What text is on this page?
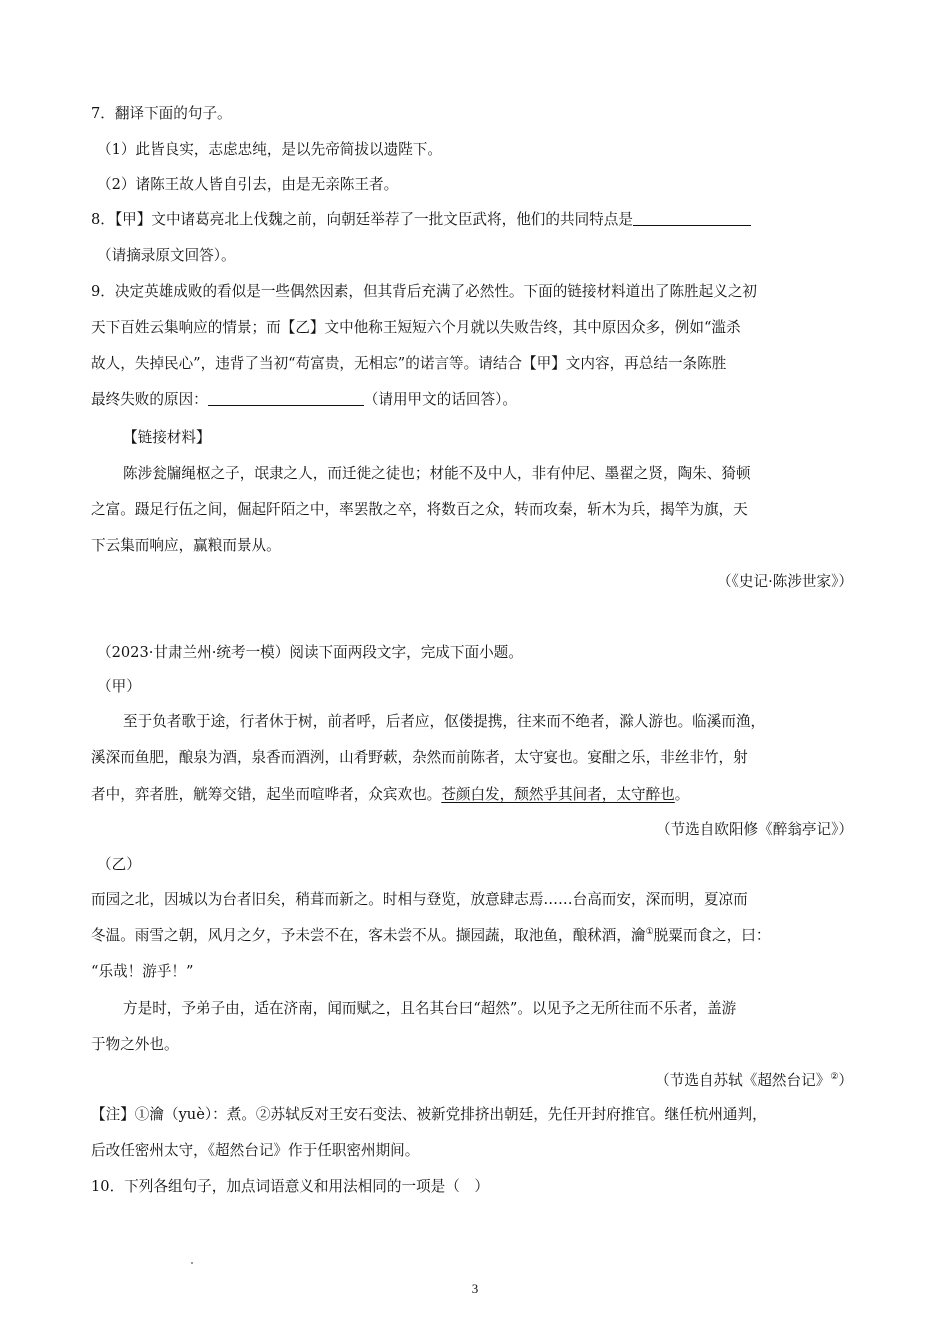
7．翻译下面的句子。
（1）此皆良实，志虑忠纯，是以先帝简拔以遗陛下。
（2）诸陈王故人皆自引去，由是无亲陈王者。
8．【甲】文中诸葛亮北上伐魏之前，向朝廷举荐了一批文臣武将，他们的共同特点是
（请摘录原文回答）。
9．决定英雄成败的看似是一些偶然因素，但其背后充满了必然性。下面的链接材料道出了陈胜起义之初
天下百姓云集响应的情景；而【乙】文中他称王短短六个月就以失败告终，其中原因众多，例如“滥杀
故人，失掉民心”，违背了当初“苟富贵，无相忘”的诺言等。请结合【甲】文内容，再总结一条陈胜
最终失败的原因：	（请用甲文的话回答）。
【链接材料】
陈涉瓮牖绳枢之子，氓隶之人，而迁徙之徒也；材能不及中人，非有仲尼、墨翟之贤，陶朱、猗顿
之富。蹑足行伍之间，倔起阡陌之中，率罢散之卒，将数百之众，转而攻秦，斩木为兵，揭竿为旗，天
下云集而响应，赢粮而景从。
（《史记·陈涉世家》）
（2023·甘肃兰州·统考一模）阅读下面两段文字，完成下面小题。
（甲）
至于负者歌于途，行者休于树，前者呼，后者应，伛偻提携，往来而不绝者，滁人游也。临溪而渔，
溪深而鱼肥，酿泉为酒，泉香而酒洌，山肴野蔌，杂然而前陈者，太守宴也。宴酣之乐，非丝非竹，射
者中，弈者胜，觥筹交错，起坐而喧哗者，众宾欢也。苍颜白发，颓然乎其间者，太守醉也。
（节选自欧阳修《醉翁亭记》）
（乙）
而园之北，因城以为台者旧矣，稍葺而新之。时相与登览，放意肆志焉……台高而安，深而明，夏凉而
冬温。雨雪之朝，风月之夕，予未尝不在，客未尝不从。撷园蔬，取池鱼，酿秫酒，瀹①脱粟而食之，曰：
“乐哉！游乎！”
方是时，予弟子由，适在济南，闻而赋之，且名其台曰“超然”。以见予之无所往而不乐者，盖游
于物之外也。
（节选自苏轼《超然台记》②）
【注】①瀹（yuè）：煮。②苏轼反对王安石变法、被新党排挤出朝廷，先任开封府推官。继任杭州通判，
后改任密州太守，《超然台记》作于任职密州期间。
10．下列各组句子，加点词语意义和用法相同的一项是（　）
3
